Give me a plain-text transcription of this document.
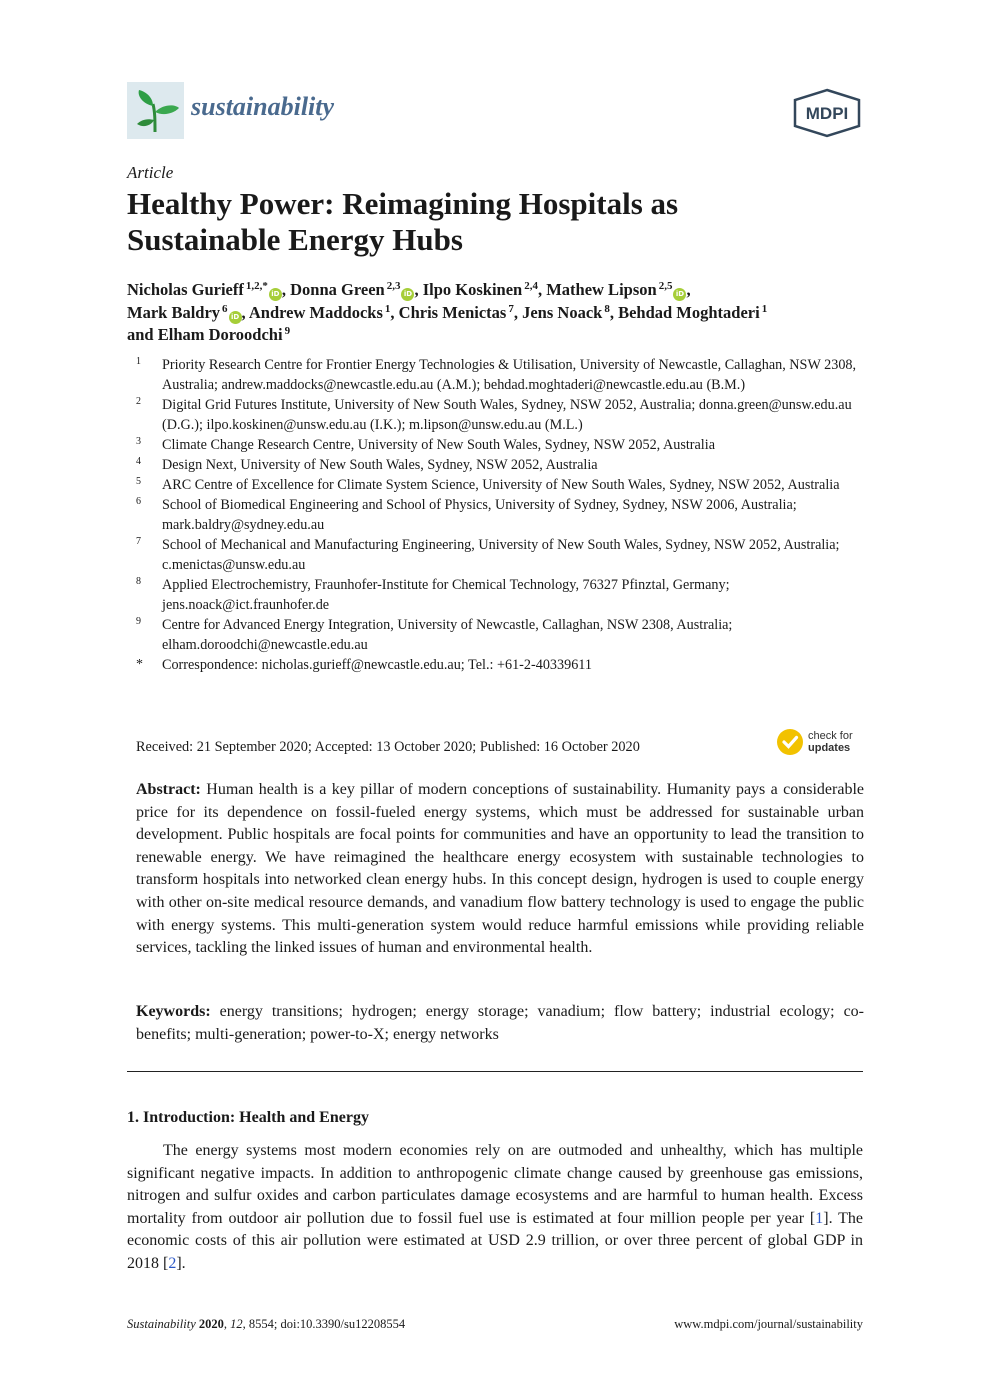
sustainability	MDPI
Article
Healthy Power: Reimagining Hospitals as
Sustainable Energy Hubs
Nicholas Gurieff $^{1,2,*}$iD , Donna Green $^{2,3}$iD , Ilpo Koskinen $^{2,4}$, Mathew Lipson $^{2,5}$iD ,
Mark Baldry $^6$iD , Andrew Maddocks $^1$, Chris Menictas $^7$, Jens Noack $^8$, Behdad Moghtaderi $^1$
and Elham Doroodchi $^9$
1	Priority Research Centre for Frontier Energy Technologies & Utilisation, University of Newcastle, Callaghan, NSW 2308, Australia; andrew.maddocks@newcastle.edu.au (A.M.); behdad.moghtaderi@newcastle.edu.au (B.M.)
2	Digital Grid Futures Institute, University of New South Wales, Sydney, NSW 2052, Australia; donna.green@unsw.edu.au (D.G.); ilpo.koskinen@unsw.edu.au (I.K.); m.lipson@unsw.edu.au (M.L.)
3	Climate Change Research Centre, University of New South Wales, Sydney, NSW 2052, Australia
4	Design Next, University of New South Wales, Sydney, NSW 2052, Australia
5	ARC Centre of Excellence for Climate System Science, University of New South Wales, Sydney, NSW 2052, Australia
6	School of Biomedical Engineering and School of Physics, University of Sydney, Sydney, NSW 2006, Australia; mark.baldry@sydney.edu.au
7	School of Mechanical and Manufacturing Engineering, University of New South Wales, Sydney, NSW 2052, Australia; c.menictas@unsw.edu.au
8	Applied Electrochemistry, Fraunhofer-Institute for Chemical Technology, 76327 Pfinztal, Germany; jens.noack@ict.fraunhofer.de
9	Centre for Advanced Energy Integration, University of Newcastle, Callaghan, NSW 2308, Australia; elham.doroodchi@newcastle.edu.au
*	Correspondence: nicholas.gurieff@newcastle.edu.au; Tel.: +61-2-40339611
Received: 21 September 2020; Accepted: 13 October 2020; Published: 16 October 2020
check for
updates
Abstract: Human health is a key pillar of modern conceptions of sustainability. Humanity pays a considerable price for its dependence on fossil-fueled energy systems, which must be addressed for sustainable urban development. Public hospitals are focal points for communities and have an opportunity to lead the transition to renewable energy. We have reimagined the healthcare energy ecosystem with sustainable technologies to transform hospitals into networked clean energy hubs. In this concept design, hydrogen is used to couple energy with other on-site medical resource demands, and vanadium flow battery technology is used to engage the public with energy systems. This multi-generation system would reduce harmful emissions while providing reliable services, tackling the linked issues of human and environmental health.
Keywords: energy transitions; hydrogen; energy storage; vanadium; flow battery; industrial ecology; co-benefits; multi-generation; power-to-X; energy networks
1. Introduction: Health and Energy
The energy systems most modern economies rely on are outmoded and unhealthy, which has multiple significant negative impacts. In addition to anthropogenic climate change caused by greenhouse gas emissions, nitrogen and sulfur oxides and carbon particulates damage ecosystems and are harmful to human health. Excess mortality from outdoor air pollution due to fossil fuel use is estimated at four million people per year [1]. The economic costs of this air pollution were estimated at USD 2.9 trillion, or over three percent of global GDP in 2018 [2].
Sustainability 2020, 12, 8554; doi:10.3390/su12208554	www.mdpi.com/journal/sustainability
